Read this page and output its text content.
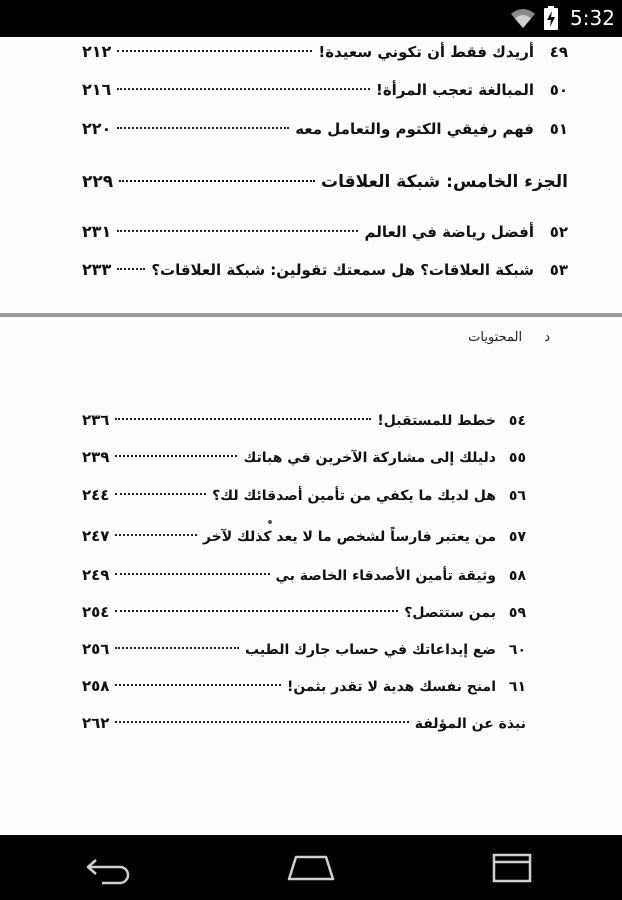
5:32
٤٩
أريدك فقط أن تكوني سعيدة!
٢١٢
٥٠
المبالغة تعجب المرأة!
٢١٦
٥١
فهم رفيقي الكتوم والتعامل معه
٢٢٠
الجزء الخامس:
شبكة العلاقات
٢٢٩
٥٢
أفضل رياضة في العالم
٢٣١
٥٣
شبكة العلاقات؟ هل سمعتك تقولين: شبكة العلاقات؟
٢٣٣
د المحتويات
٥٤
خطط للمستقبل!
٢٣٦
٥٥
دليلك إلى مشاركة الآخرين في هباتك
٢٣٩
٥٦
هل لديك ما يكفي من تأمين أصدقائك لك؟
٢٤٤
٥٧
من يعتبر فارساً لشخص ما لا يعد كذلك لآخر
٢٤٧
٥٨
وثيقة تأمين الأصدقاء الخاصة بي
٢٤٩
٥٩
بمن ستتصل؟
٢٥٤
٦٠
ضع إيداعاتك في حساب جارك الطيب
٢٥٦
٦١
امنح نفسك هدية لا تقدر بثمن!
٢٥٨
نبذة عن المؤلفة
٢٦٢
